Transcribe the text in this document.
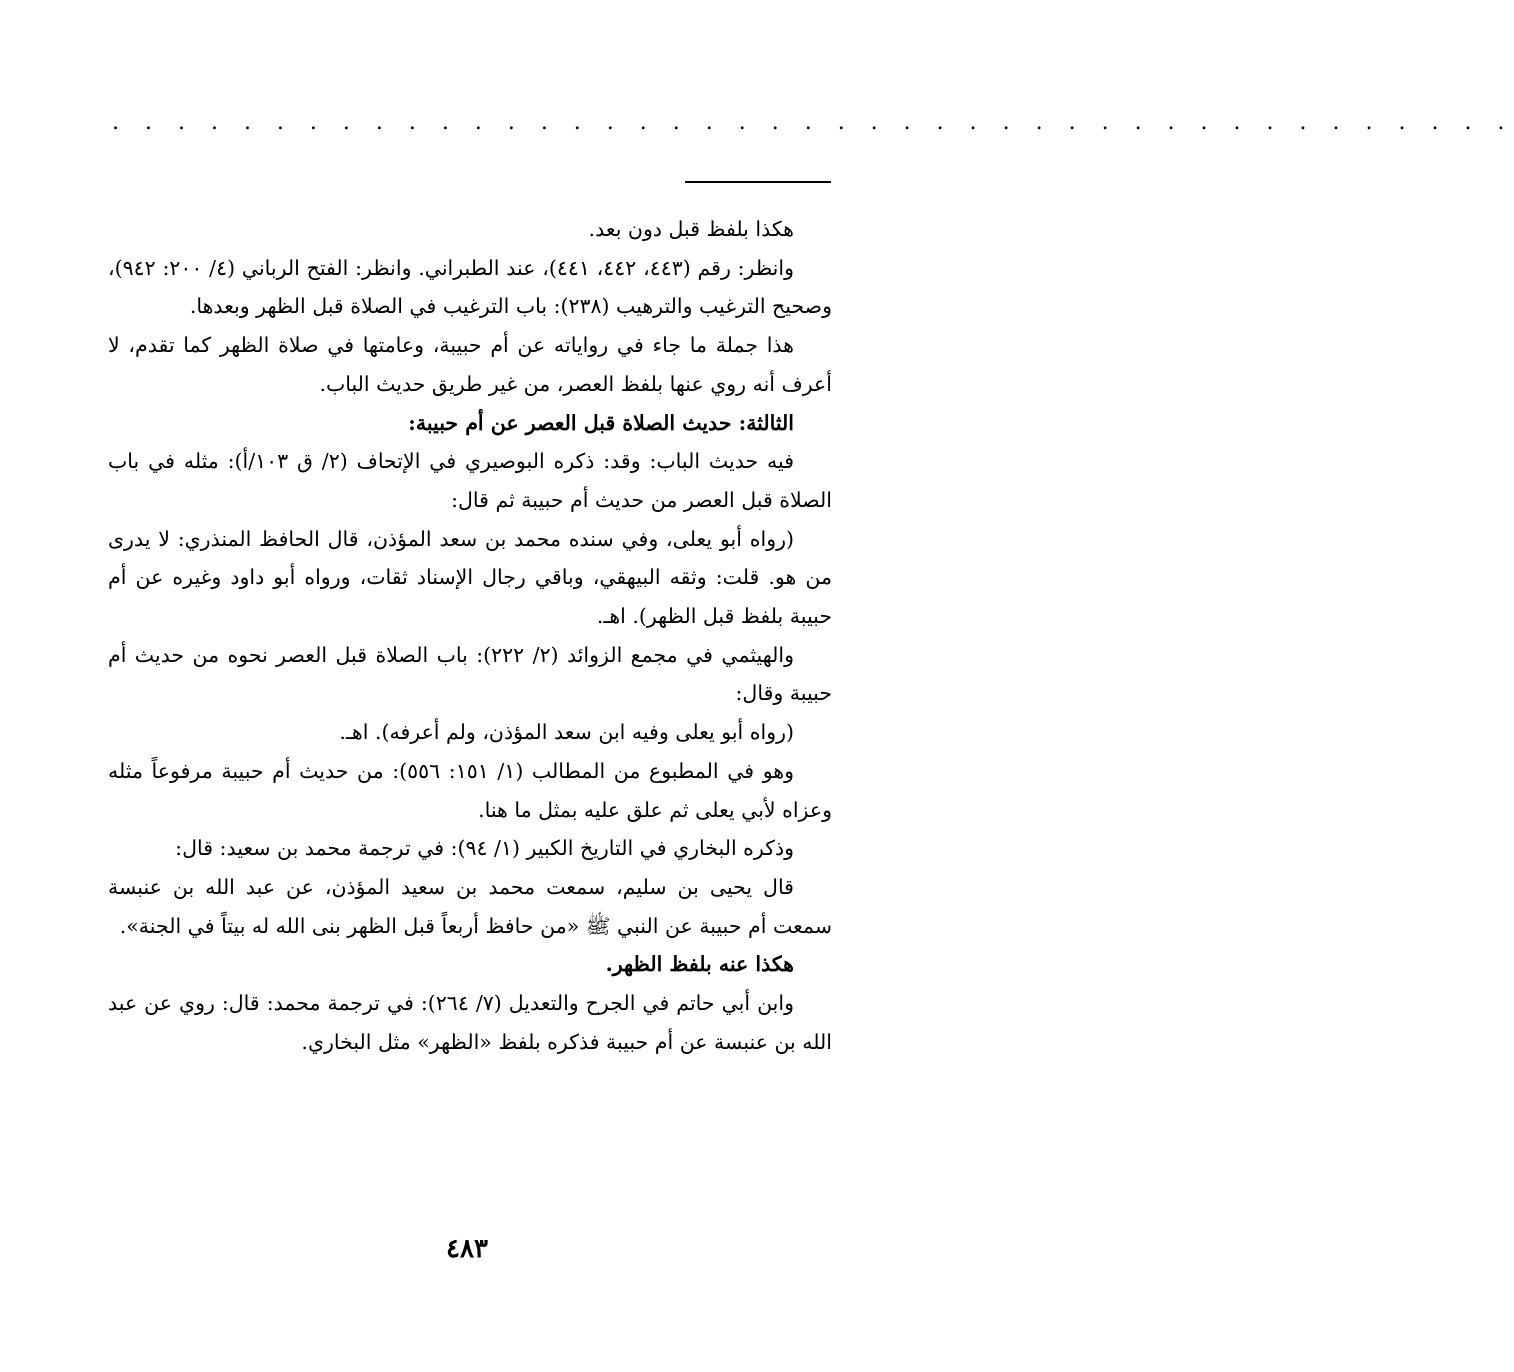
. . . . . . . . . . . . . . . . . . . . . . . . . . . . . . . . . . . . . . . . . . .

هكذا بلفظ قبل دون بعد.

وانظر: رقم (٤٤٣، ٤٤٢، ٤٤١)، عند الطبراني. وانظر: الفتح الرباني (٤/ ٢٠٠: ٩٤٢)، وصحيح الترغيب والترهيب (٢٣٨): باب الترغيب في الصلاة قبل الظهر وبعدها.

هذا جملة ما جاء في رواياته عن أم حبيبة، وعامتها في صلاة الظهر كما تقدم، لا أعرف أنه روي عنها بلفظ العصر، من غير طريق حديث الباب.

الثالثة: حديث الصلاة قبل العصر عن أم حبيبة:

فيه حديث الباب: وقد: ذكره البوصيري في الإتحاف (٢/ ق ١٠٣/أ): مثله في باب الصلاة قبل العصر من حديث أم حبيبة ثم قال:

(رواه أبو يعلى، وفي سنده محمد بن سعد المؤذن، قال الحافظ المنذري: لا يدرى من هو. قلت: وثقه البيهقي، وباقي رجال الإسناد ثقات، ورواه أبو داود وغيره عن أم حبيبة بلفظ قبل الظهر). اهـ.

والهيثمي في مجمع الزوائد (٢/ ٢٢٢): باب الصلاة قبل العصر نحوه من حديث أم حبيبة وقال:

(رواه أبو يعلى وفيه ابن سعد المؤذن، ولم أعرفه). اهـ.

وهو في المطبوع من المطالب (١/ ١٥١: ٥٥٦): من حديث أم حبيبة مرفوعاً مثله وعزاه لأبي يعلى ثم علق عليه بمثل ما هنا.

وذكره البخاري في التاريخ الكبير (١/ ٩٤): في ترجمة محمد بن سعيد: قال:

قال يحيى بن سليم، سمعت محمد بن سعيد المؤذن، عن عبد الله بن عنبسة سمعت أم حبيبة عن النبي ﷺ «من حافظ أربعاً قبل الظهر بنى الله له بيتاً في الجنة».

هكذا عنه بلفظ الظهر.

وابن أبي حاتم في الجرح والتعديل (٧/ ٢٦٤): في ترجمة محمد: قال: روي عن عبد الله بن عنبسة عن أم حبيبة فذكره بلفظ «الظهر» مثل البخاري.

٤٨٣
